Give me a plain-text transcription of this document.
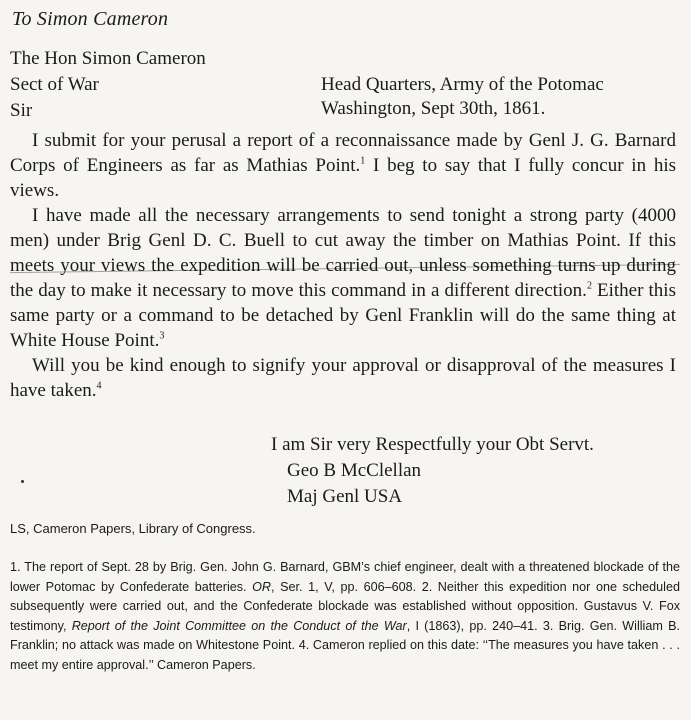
To Simon Cameron
The Hon Simon Cameron
Sect of War
Sir
Head Quarters, Army of the Potomac
Washington, Sept 30th, 1861.

I submit for your perusal a report of a reconnaissance made by Genl J. G. Barnard Corps of Engineers as far as Mathias Point.$^1$ I beg to say that I fully concur in his views.

I have made all the necessary arrangements to send tonight a strong party (4000 men) under Brig Genl D. C. Buell to cut away the timber on Mathias Point. If this meets your views the expedition will be carried out, unless something turns up during the day to make it necessary to move this command in a different direction.$^2$ Either this same party or a command to be detached by Genl Franklin will do the same thing at White House Point.$^3$

Will you be kind enough to signify your approval or disapproval of the measures I have taken.$^4$

I am Sir very Respectfully your Obt Servt.
Geo B McClellan
Maj Genl USA
LS, Cameron Papers, Library of Congress.
1. The report of Sept. 28 by Brig. Gen. John G. Barnard, GBM’s chief engineer, dealt with a threatened blockade of the lower Potomac by Confederate batteries. OR, Ser. 1, V, pp. 606–608. 2. Neither this expedition nor one scheduled subsequently were carried out, and the Confederate blockade was established without opposition. Gustavus V. Fox testimony, Report of the Joint Committee on the Conduct of the War, I (1863), pp. 240–41. 3. Brig. Gen. William B. Franklin; no attack was made on Whitestone Point. 4. Cameron replied on this date: ‘‘The measures you have taken . . . meet my entire approval.’’ Cameron Papers.
